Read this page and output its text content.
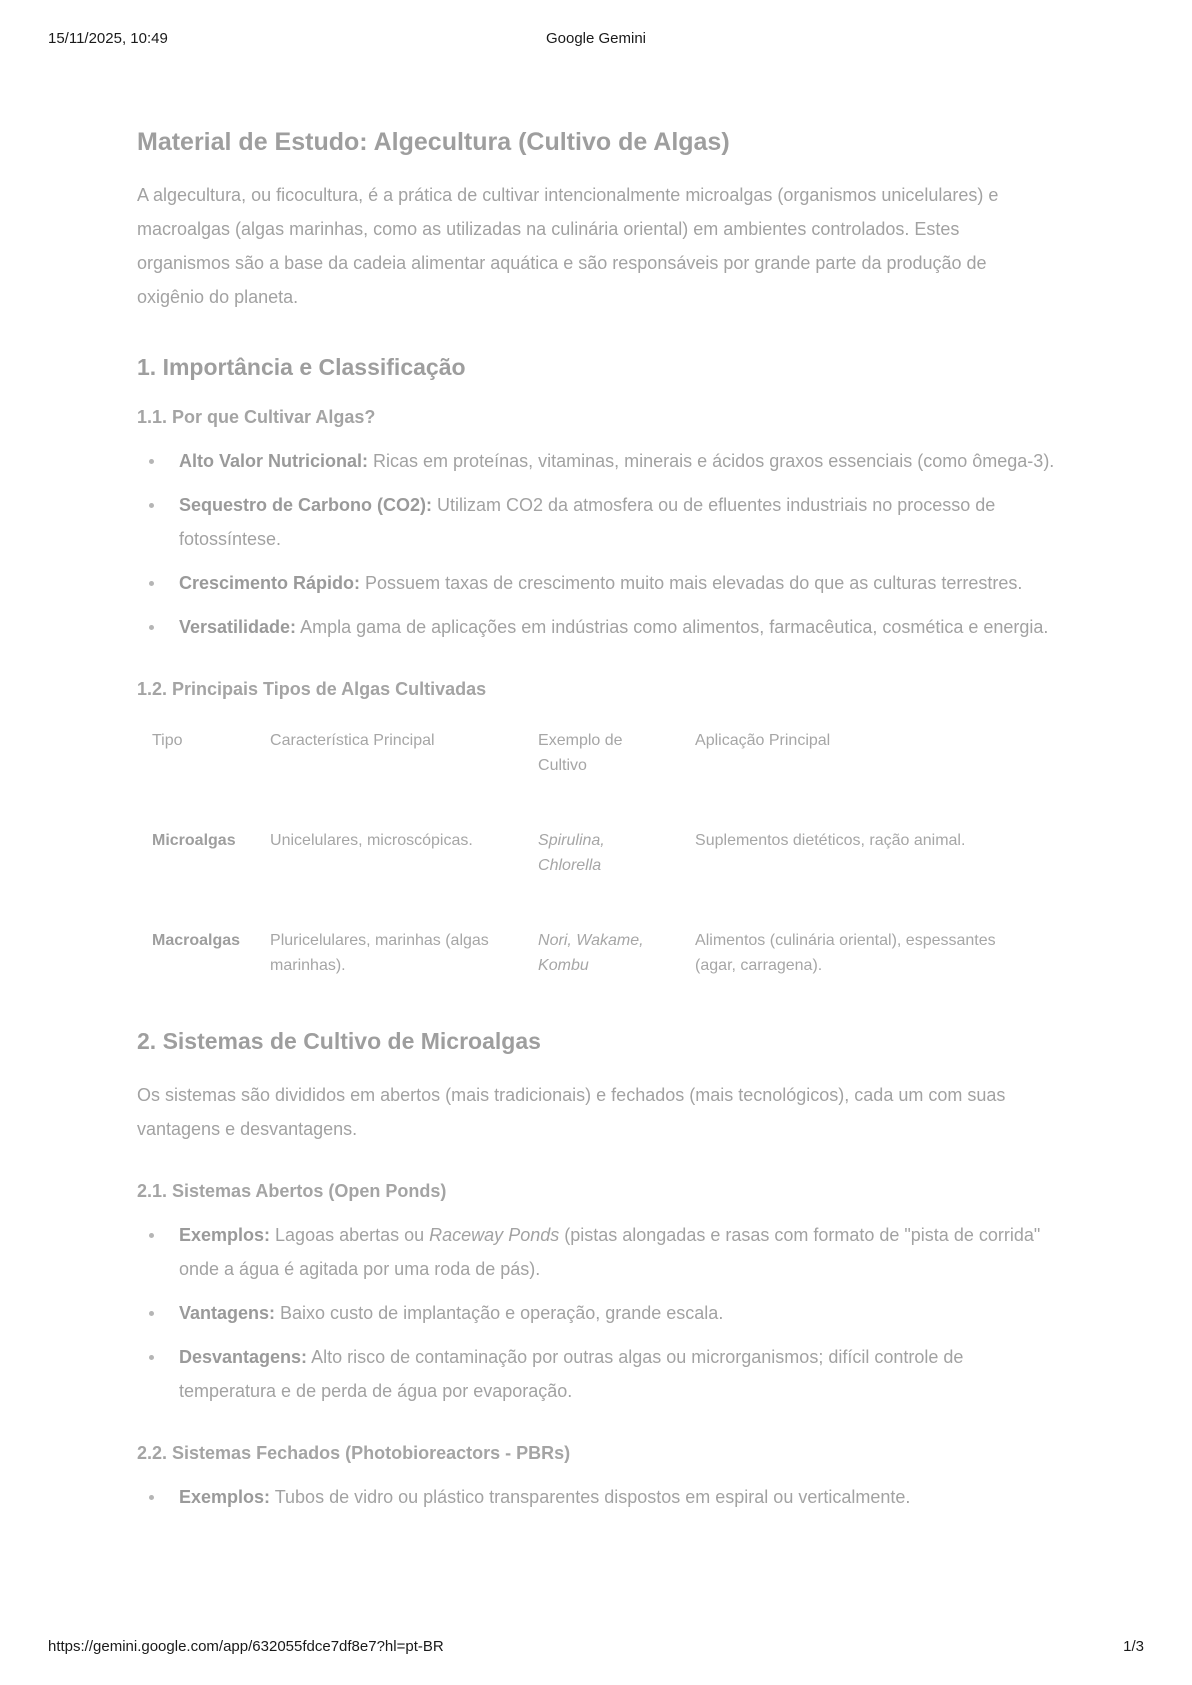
15/11/2025, 10:49	Google Gemini
Material de Estudo: Algecultura (Cultivo de Algas)

A algecultura, ou ficocultura, é a prática de cultivar intencionalmente microalgas (organismos unicelulares) e macroalgas (algas marinhas, como as utilizadas na culinária oriental) em ambientes controlados. Estes organismos são a base da cadeia alimentar aquática e são responsáveis por grande parte da produção de oxigênio do planeta.

1. Importância e Classificação
1.1. Por que Cultivar Algas?
Alto Valor Nutricional: Ricas em proteínas, vitaminas, minerais e ácidos graxos essenciais (como ômega-3).
Sequestro de Carbono (CO2): Utilizam CO2 da atmosfera ou de efluentes industriais no processo de fotossíntese.
Crescimento Rápido: Possuem taxas de crescimento muito mais elevadas do que as culturas terrestres.
Versatilidade: Ampla gama de aplicações em indústrias como alimentos, farmacêutica, cosmética e energia.
1.2. Principais Tipos de Algas Cultivadas
Tipo	Característica Principal	Exemplo de Cultivo	Aplicação Principal
Microalgas	Unicelulares, microscópicas.	Spirulina, Chlorella	Suplementos dietéticos, ração animal.
Macroalgas	Pluricelulares, marinhas (algas marinhas).	Nori, Wakame, Kombu	Alimentos (culinária oriental), espessantes (agar, carragena).
2. Sistemas de Cultivo de Microalgas

Os sistemas são divididos em abertos (mais tradicionais) e fechados (mais tecnológicos), cada um com suas vantagens e desvantagens.

2.1. Sistemas Abertos (Open Ponds)
Exemplos: Lagoas abertas ou Raceway Ponds (pistas alongadas e rasas com formato de "pista de corrida" onde a água é agitada por uma roda de pás).
Vantagens: Baixo custo de implantação e operação, grande escala.
Desvantagens: Alto risco de contaminação por outras algas ou microrganismos; difícil controle de temperatura e de perda de água por evaporação.
2.2. Sistemas Fechados (Photobioreactors - PBRs)
Exemplos: Tubos de vidro ou plástico transparentes dispostos em espiral ou verticalmente.
https://gemini.google.com/app/632055fdce7df8e7?hl=pt-BR	1/3
